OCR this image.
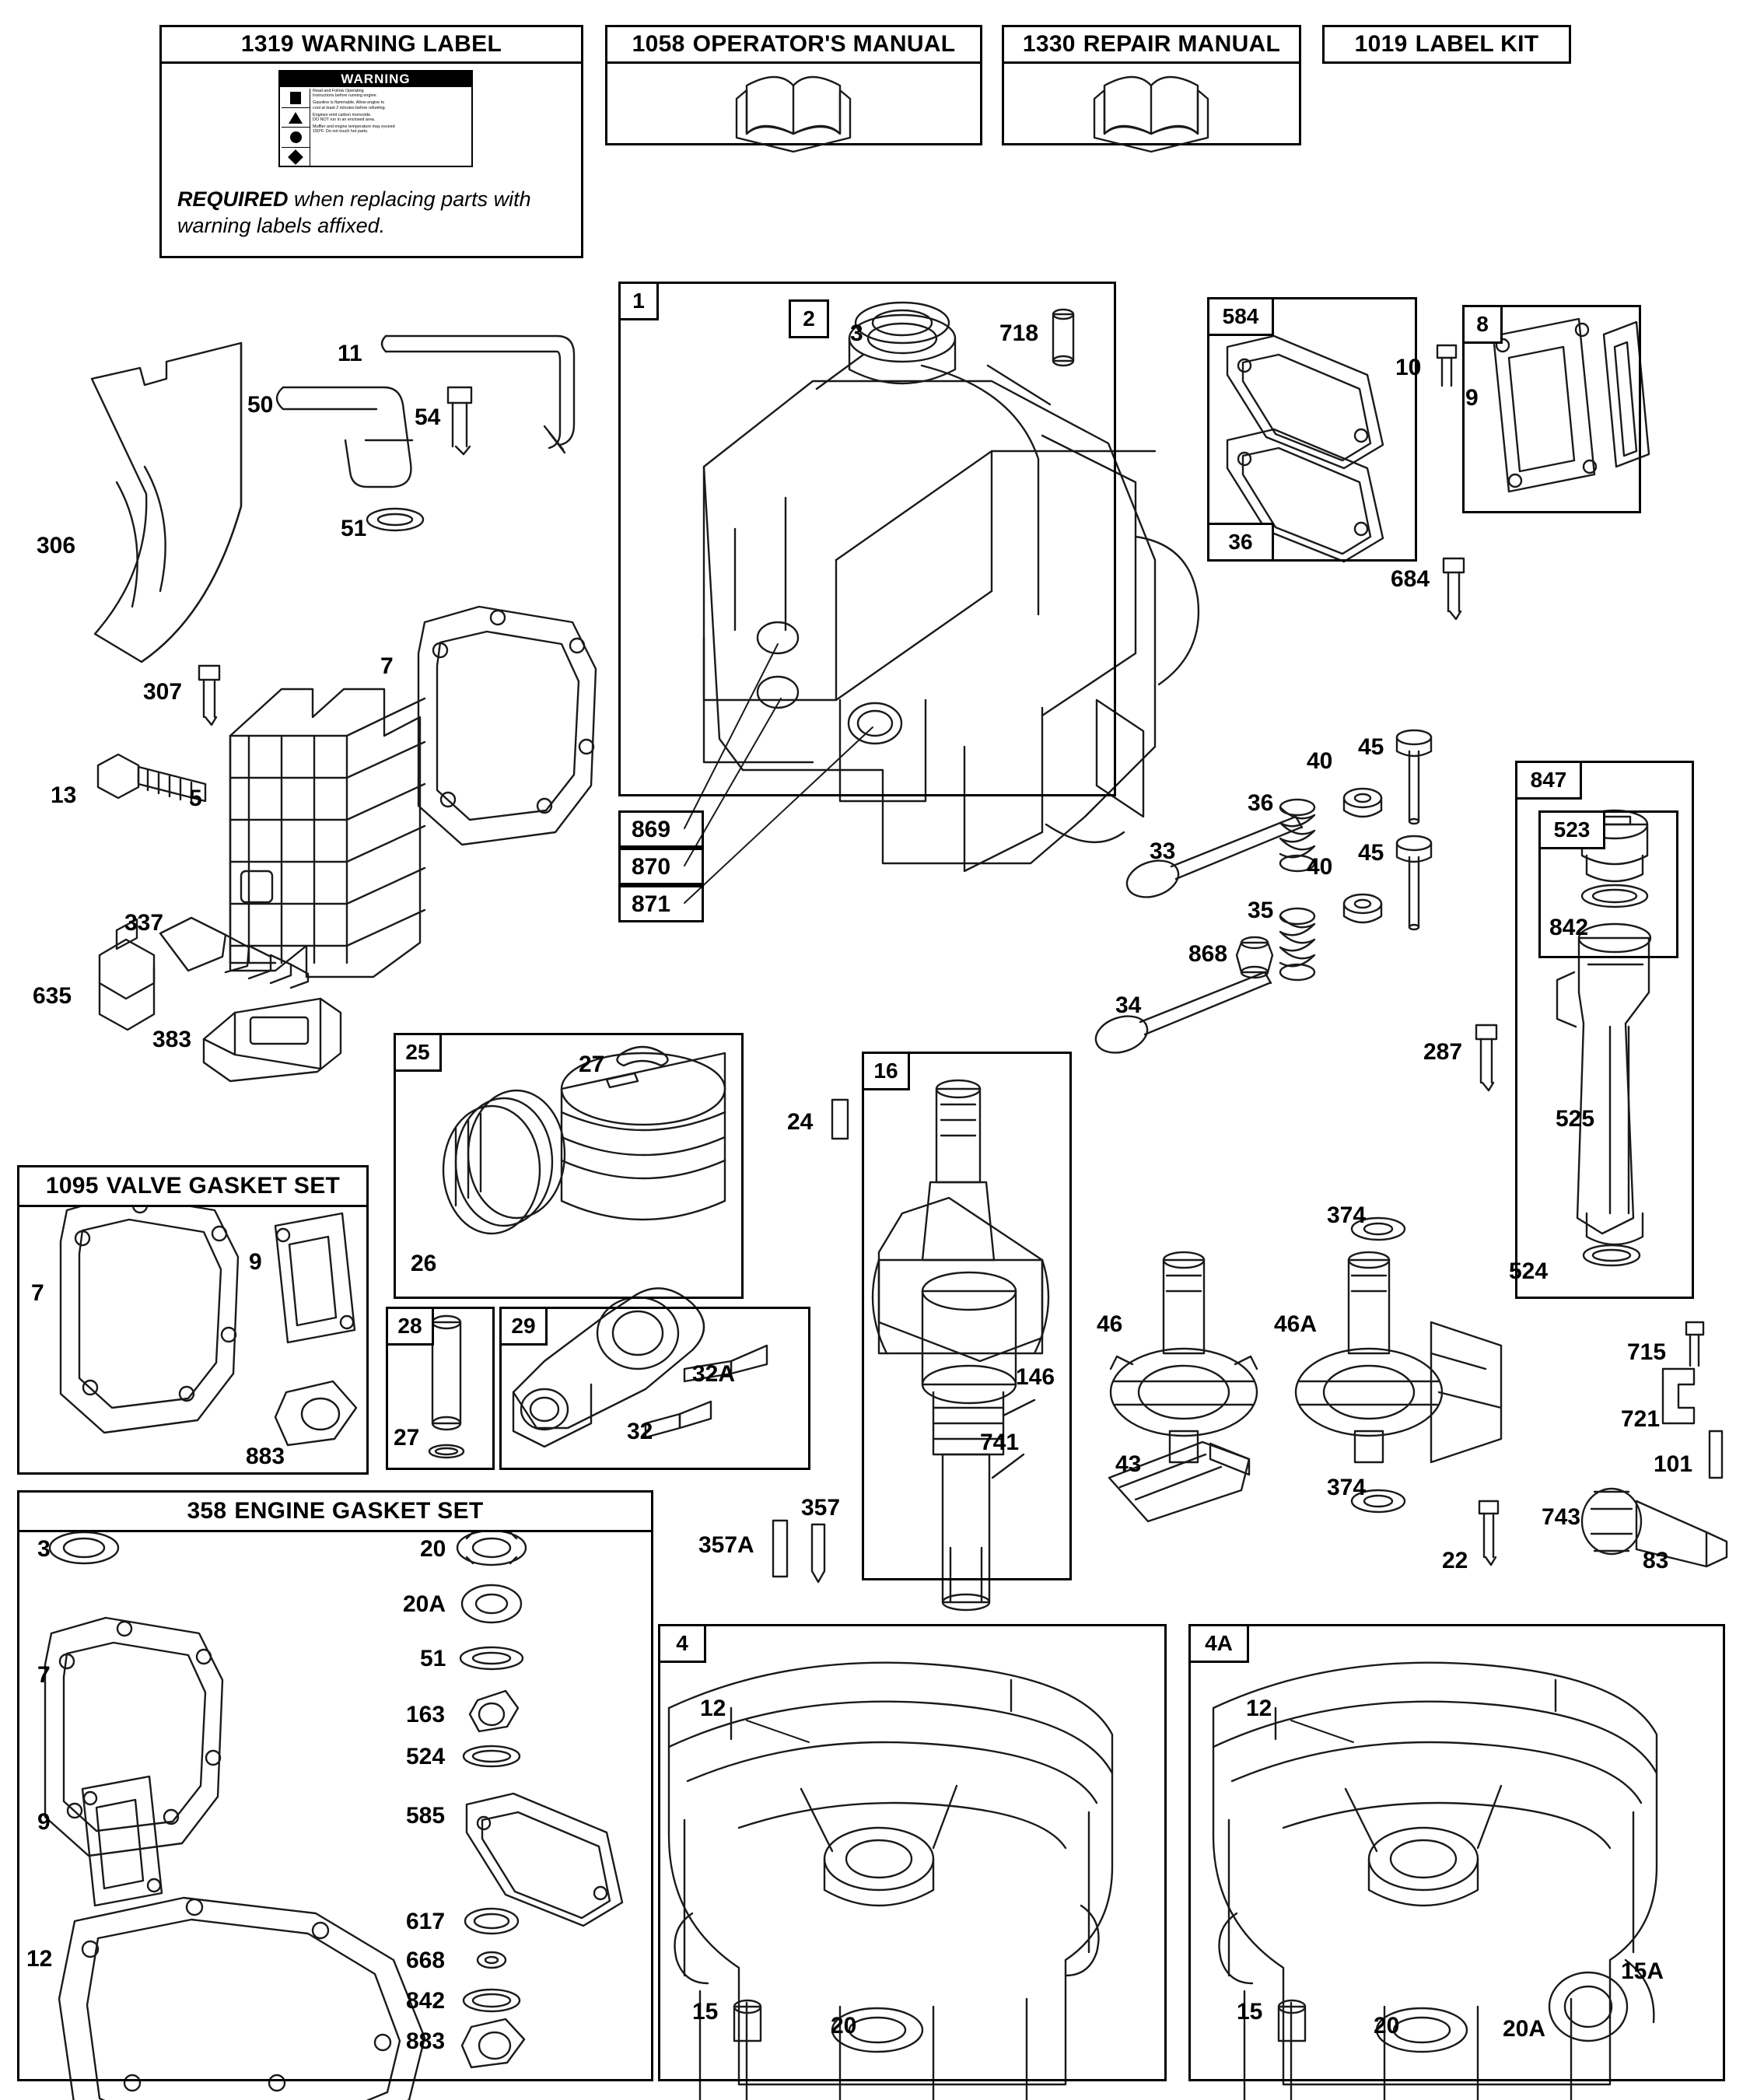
1319 WARNING LABEL
WARNING
Read and Follow Operating
Instructions before running engine.
Gasoline is flammable. Allow engine to
cool at least 2 minutes before refueling.
Engines emit carbon monoxide.
DO NOT run in an enclosed area.
Muffler and engine temperature may exceed
150°F. Do not touch hot parts.
REQUIRED when replacing parts with warning labels affixed.
1058 OPERATOR'S MANUAL	1330 REPAIR MANUAL	1019 LABEL KIT
1
2	584
36
8
847
523
16
25
28	29
4	4A
1095 VALVE GASKET SET
358 ENGINE GASKET SET
11
50	54
51
306
307
7
13	5
337
635
383
3	718
869
870
871
10
9
684
33
36
40
45
35
40
45
868
34
287
525
842
524
24
27
26
27
32A
32
146
741
357
357A
46	46A
374
374
43
715
721
101
743
83
22
12	12
15
20
15
20	20A
15A
7
9
883
3
7
9
12
20
20A
51
163
524
585
617
668
842
883
